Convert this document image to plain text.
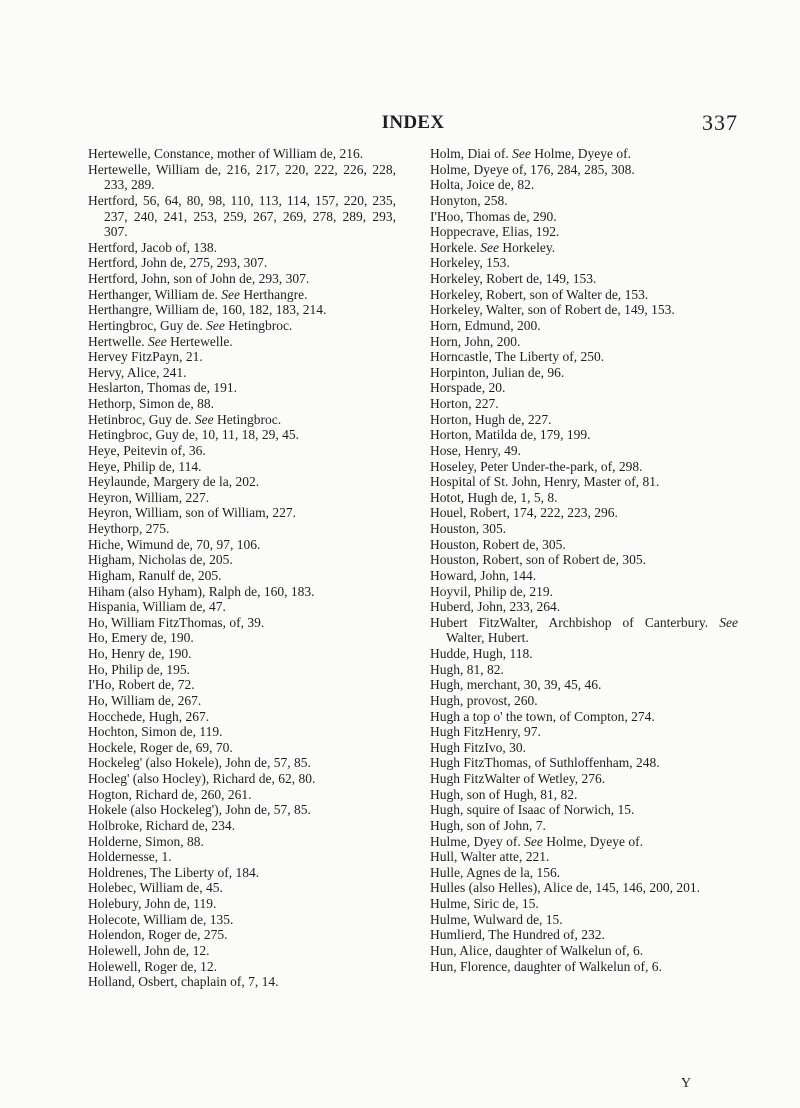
INDEX	337

Hertewelle, Constance, mother of William de, 216.

Hertewelle, William de, 216, 217, 220, 222, 226, 228, 233, 289.

Hertford, 56, 64, 80, 98, 110, 113, 114, 157, 220, 235, 237, 240, 241, 253, 259, 267, 269, 278, 289, 293, 307.

Hertford, Jacob of, 138.

Hertford, John de, 275, 293, 307.

Hertford, John, son of John de, 293, 307.

Herthanger, William de. See Herthangre.

Herthangre, William de, 160, 182, 183, 214.

Hertingbroc, Guy de. See Hetingbroc.

Hertwelle. See Hertewelle.

Hervey FitzPayn, 21.

Hervy, Alice, 241.

Heslarton, Thomas de, 191.

Hethorp, Simon de, 88.

Hetinbroc, Guy de. See Hetingbroc.

Hetingbroc, Guy de, 10, 11, 18, 29, 45.

Heye, Peitevin of, 36.

Heye, Philip de, 114.

Heylaunde, Margery de la, 202.

Heyron, William, 227.

Heyron, William, son of William, 227.

Heythorp, 275.

Hiche, Wimund de, 70, 97, 106.

Higham, Nicholas de, 205.

Higham, Ranulf de, 205.

Hiham (also Hyham), Ralph de, 160, 183.

Hispania, William de, 47.

Ho, William FitzThomas, of, 39.

Ho, Emery de, 190.

Ho, Henry de, 190.

Ho, Philip de, 195.

I'Ho, Robert de, 72.

Ho, William de, 267.

Hocchede, Hugh, 267.

Hochton, Simon de, 119.

Hockele, Roger de, 69, 70.

Hockeleg' (also Hokele), John de, 57, 85.

Hocleg' (also Hocley), Richard de, 62, 80.

Hogton, Richard de, 260, 261.

Hokele (also Hockeleg'), John de, 57, 85.

Holbroke, Richard de, 234.

Holderne, Simon, 88.

Holdernesse, 1.

Holdrenes, The Liberty of, 184.

Holebec, William de, 45.

Holebury, John de, 119.

Holecote, William de, 135.

Holendon, Roger de, 275.

Holewell, John de, 12.

Holewell, Roger de, 12.

Holland, Osbert, chaplain of, 7, 14.

Holm, Diai of. See Holme, Dyeye of.

Holme, Dyeye of, 176, 284, 285, 308.

Holta, Joice de, 82.

Honyton, 258.

I'Hoo, Thomas de, 290.

Hoppecrave, Elias, 192.

Horkele. See Horkeley.

Horkeley, 153.

Horkeley, Robert de, 149, 153.

Horkeley, Robert, son of Walter de, 153.

Horkeley, Walter, son of Robert de, 149, 153.

Horn, Edmund, 200.

Horn, John, 200.

Horncastle, The Liberty of, 250.

Horpinton, Julian de, 96.

Horspade, 20.

Horton, 227.

Horton, Hugh de, 227.

Horton, Matilda de, 179, 199.

Hose, Henry, 49.

Hoseley, Peter Under-the-park, of, 298.

Hospital of St. John, Henry, Master of, 81.

Hotot, Hugh de, 1, 5, 8.

Houel, Robert, 174, 222, 223, 296.

Houston, 305.

Houston, Robert de, 305.

Houston, Robert, son of Robert de, 305.

Howard, John, 144.

Hoyvil, Philip de, 219.

Huberd, John, 233, 264.

Hubert FitzWalter, Archbishop of Canterbury. See Walter, Hubert.

Hudde, Hugh, 118.

Hugh, 81, 82.

Hugh, merchant, 30, 39, 45, 46.

Hugh, provost, 260.

Hugh a top o' the town, of Compton, 274.

Hugh FitzHenry, 97.

Hugh FitzIvo, 30.

Hugh FitzThomas, of Suthloffenham, 248.

Hugh FitzWalter of Wetley, 276.

Hugh, son of Hugh, 81, 82.

Hugh, squire of Isaac of Norwich, 15.

Hugh, son of John, 7.

Hulme, Dyey of. See Holme, Dyeye of.

Hull, Walter atte, 221.

Hulle, Agnes de la, 156.

Hulles (also Helles), Alice de, 145, 146, 200, 201.

Hulme, Siric de, 15.

Hulme, Wulward de, 15.

Humlierd, The Hundred of, 232.

Hun, Alice, daughter of Walkelun of, 6.

Hun, Florence, daughter of Walkelun of, 6.

Y
